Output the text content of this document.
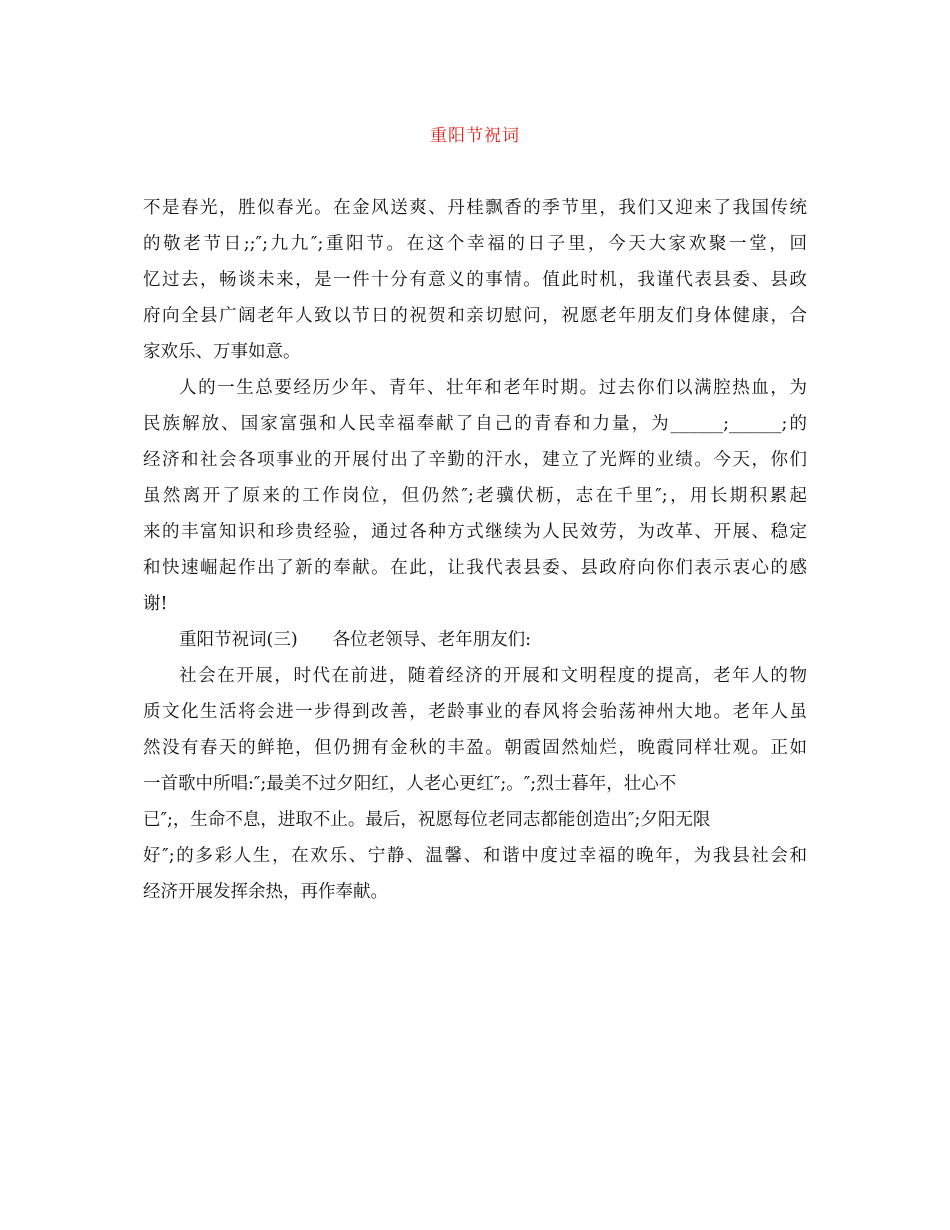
重阳节祝词
不是春光，胜似春光。在金风送爽、丹桂飘香的季节里，我们又迎来了我国传统
的敬老节日;;″;九九″;重阳节。在这个幸福的日子里，今天大家欢聚一堂，回
忆过去，畅谈未来，是一件十分有意义的事情。值此时机，我谨代表县委、县政
府向全县广阔老年人致以节日的祝贺和亲切慰问，祝愿老年朋友们身体健康，合
家欢乐、万事如意。
人的一生总要经历少年、青年、壮年和老年时期。过去你们以满腔热血，为
民族解放、国家富强和人民幸福奉献了自己的青春和力量，为______;______;的
经济和社会各项事业的开展付出了辛勤的汗水，建立了光辉的业绩。今天，你们
虽然离开了原来的工作岗位，但仍然″;老骥伏枥，志在千里″;，用长期积累起
来的丰富知识和珍贵经验，通过各种方式继续为人民效劳，为改革、开展、稳定
和快速崛起作出了新的奉献。在此，让我代表县委、县政府向你们表示衷心的感
谢!
重阳节祝词(三)　　各位老领导、老年朋友们:
社会在开展，时代在前进，随着经济的开展和文明程度的提高，老年人的物
质文化生活将会进一步得到改善，老龄事业的春风将会骀荡神州大地。老年人虽
然没有春天的鲜艳，但仍拥有金秋的丰盈。朝霞固然灿烂，晚霞同样壮观。正如
一首歌中所唱:″;最美不过夕阳红，人老心更红″;。″;烈士暮年，壮心不
已″;，生命不息，进取不止。最后，祝愿每位老同志都能创造出″;夕阳无限
好″;的多彩人生，在欢乐、宁静、温馨、和谐中度过幸福的晚年，为我县社会和
经济开展发挥余热，再作奉献。
